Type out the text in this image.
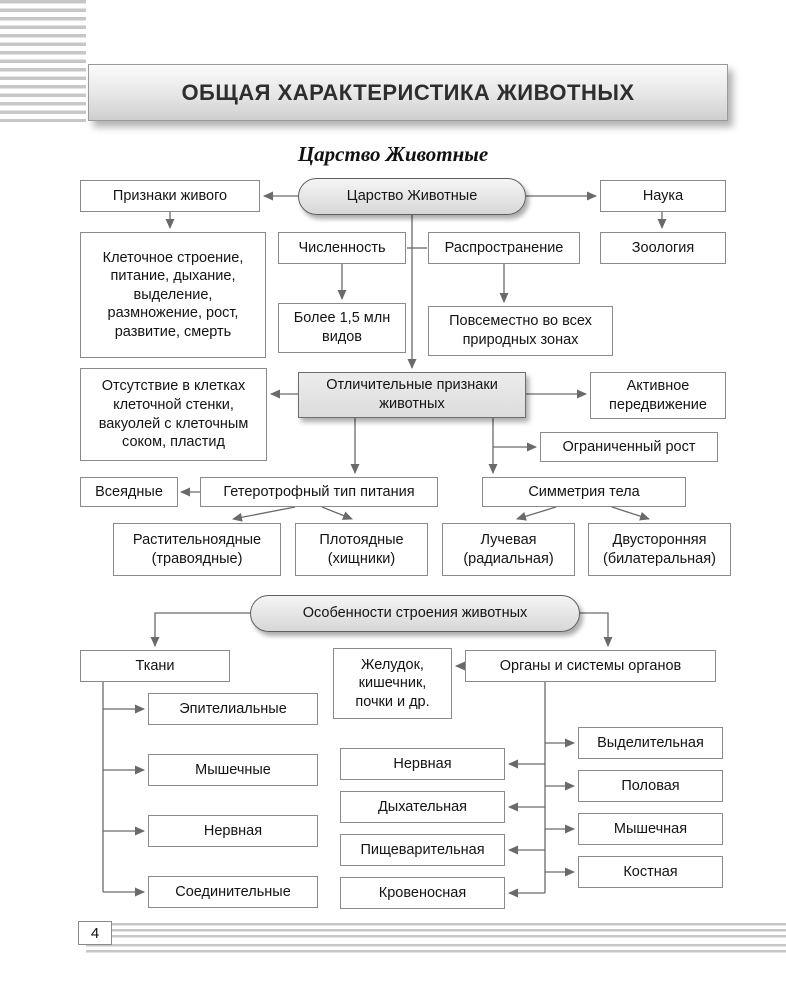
ОБЩАЯ ХАРАКТЕРИСТИКА ЖИВОТНЫХ
Царство Животные
Признаки живого	Царство Животные	Наука
Клеточное строение, питание, дыхание, выделение, размножение, рост, развитие, смерть
Численность	Распространение	Зоология
Более 1,5 млн видов
Повсеместно во всех природных зонах
Отличительные признаки животных
Отсутствие в клетках клеточной стенки, вакуолей с клеточным соком, пластид
Активное передвижение
Ограниченный рост
Всеядные	Гетеротрофный тип питания	Симметрия тела
Растительноядные (травоядные)
Плотоядные (хищники)
Лучевая (радиальная)
Двусторонняя (билатеральная)
Особенности строения животных
Ткани	Желудок, кишечник, почки и др.
Органы и системы органов
Эпителиальные
Мышечные
Нервная
Соединительные
Нервная
Дыхательная
Пищеварительная
Кровеносная
Выделительная
Половая
Мышечная
Костная
4
